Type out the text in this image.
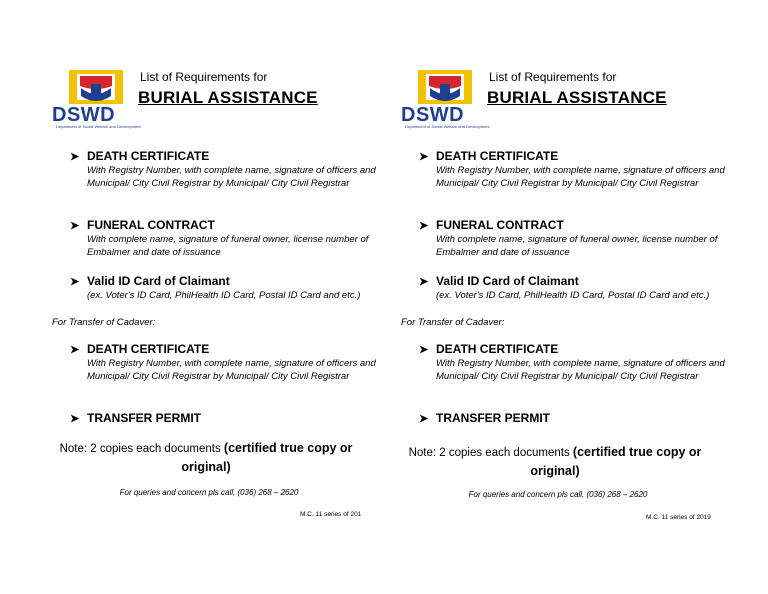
DSWD
Department of Social Welfare and Development
List of Requirements for
BURIAL ASSISTANCE
➤ DEATH CERTIFICATE
With Registry Number, with complete name, signature of officers and Municipal/ City Civil Registrar by Municipal/ City Civil Registrar
➤ FUNERAL CONTRACT
With complete name, signature of funeral owner, license number of Embalmer and date of issuance
➤ Valid ID Card of Claimant
(ex. Voter's ID Card, PhilHealth ID Card, Postal ID Card and etc.)
For Transfer of Cadaver:
➤ DEATH CERTIFICATE
With Registry Number, with complete name, signature of officers and Municipal/ City Civil Registrar by Municipal/ City Civil Registrar
➤ TRANSFER PERMIT
Note: 2 copies each documents (certified true copy or original)
For queries and concern pls call, (036) 268 – 2620
M.C. 11 series of 201
DSWD
Department of Social Welfare and Development
List of Requirements for
BURIAL ASSISTANCE
➤ DEATH CERTIFICATE
With Registry Number, with complete name, signature of officers and Municipal/ City Civil Registrar by Municipal/ City Civil Registrar
➤ FUNERAL CONTRACT
With complete name, signature of funeral owner, license number of Embalmer and date of issuance
➤ Valid ID Card of Claimant
(ex. Voter's ID Card, PhilHealth ID Card, Postal ID Card and etc.)
For Transfer of Cadaver:
➤ DEATH CERTIFICATE
With Registry Number, with complete name, signature of officers and Municipal/ City Civil Registrar by Municipal/ City Civil Registrar
➤ TRANSFER PERMIT
Note: 2 copies each documents (certified true copy or original)
For queries and concern pls call, (036) 268 – 2620
M.C. 11 series of 2019
